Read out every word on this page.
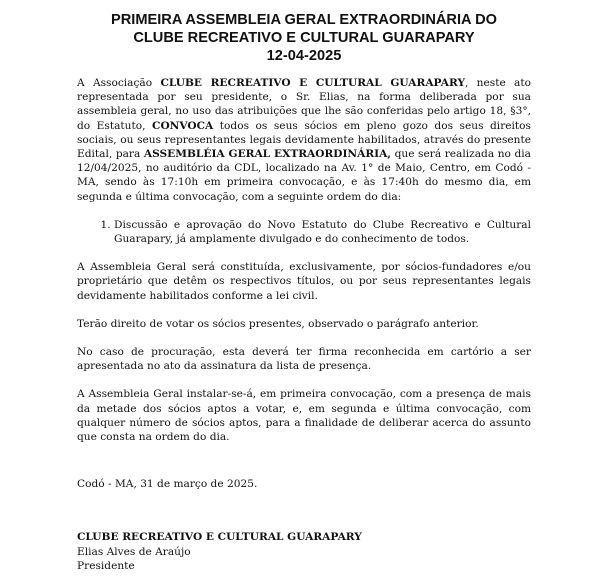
PRIMEIRA ASSEMBLEIA GERAL EXTRAORDINÁRIA DO
CLUBE RECREATIVO E CULTURAL GUARAPARY
12-04-2025

A Associação CLUBE RECREATIVO E CULTURAL GUARAPARY, neste ato representada por seu presidente, o Sr. Elias, na forma deliberada por sua assembleia geral, no uso das atribuições que lhe são conferidas pelo artigo 18, §3°, do Estatuto, CONVOCA todos os seus sócios em pleno gozo dos seus direitos sociais, ou seus representantes legais devidamente habilitados, através do presente Edital, para ASSEMBLÉIA GERAL EXTRAORDINÁRIA, que será realizada no dia 12/04/2025, no auditório da CDL, localizado na Av. 1° de Maio, Centro, em Codó - MA, sendo às 17:10h em primeira convocação, e às 17:40h do mesmo dia, em segunda e última convocação, com a seguinte ordem do dia:

1. Discussão e aprovação do Novo Estatuto do Clube Recreativo e Cultural Guarapary, já amplamente divulgado e do conhecimento de todos.

A Assembleia Geral será constituída, exclusivamente, por sócios-fundadores e/ou proprietário que detêm os respectivos títulos, ou por seus representantes legais devidamente habilitados conforme a lei civil.

Terão direito de votar os sócios presentes, observado o parágrafo anterior.

No caso de procuração, esta deverá ter firma reconhecida em cartório a ser apresentada no ato da assinatura da lista de presença.

A Assembleia Geral instalar-se-á, em primeira convocação, com a presença de mais da metade dos sócios aptos a votar, e, em segunda e última convocação, com qualquer número de sócios aptos, para a finalidade de deliberar acerca do assunto que consta na ordem do dia.

Codó - MA, 31 de março de 2025.

CLUBE RECREATIVO E CULTURAL GUARAPARY
Elias Alves de Araújo
Presidente
